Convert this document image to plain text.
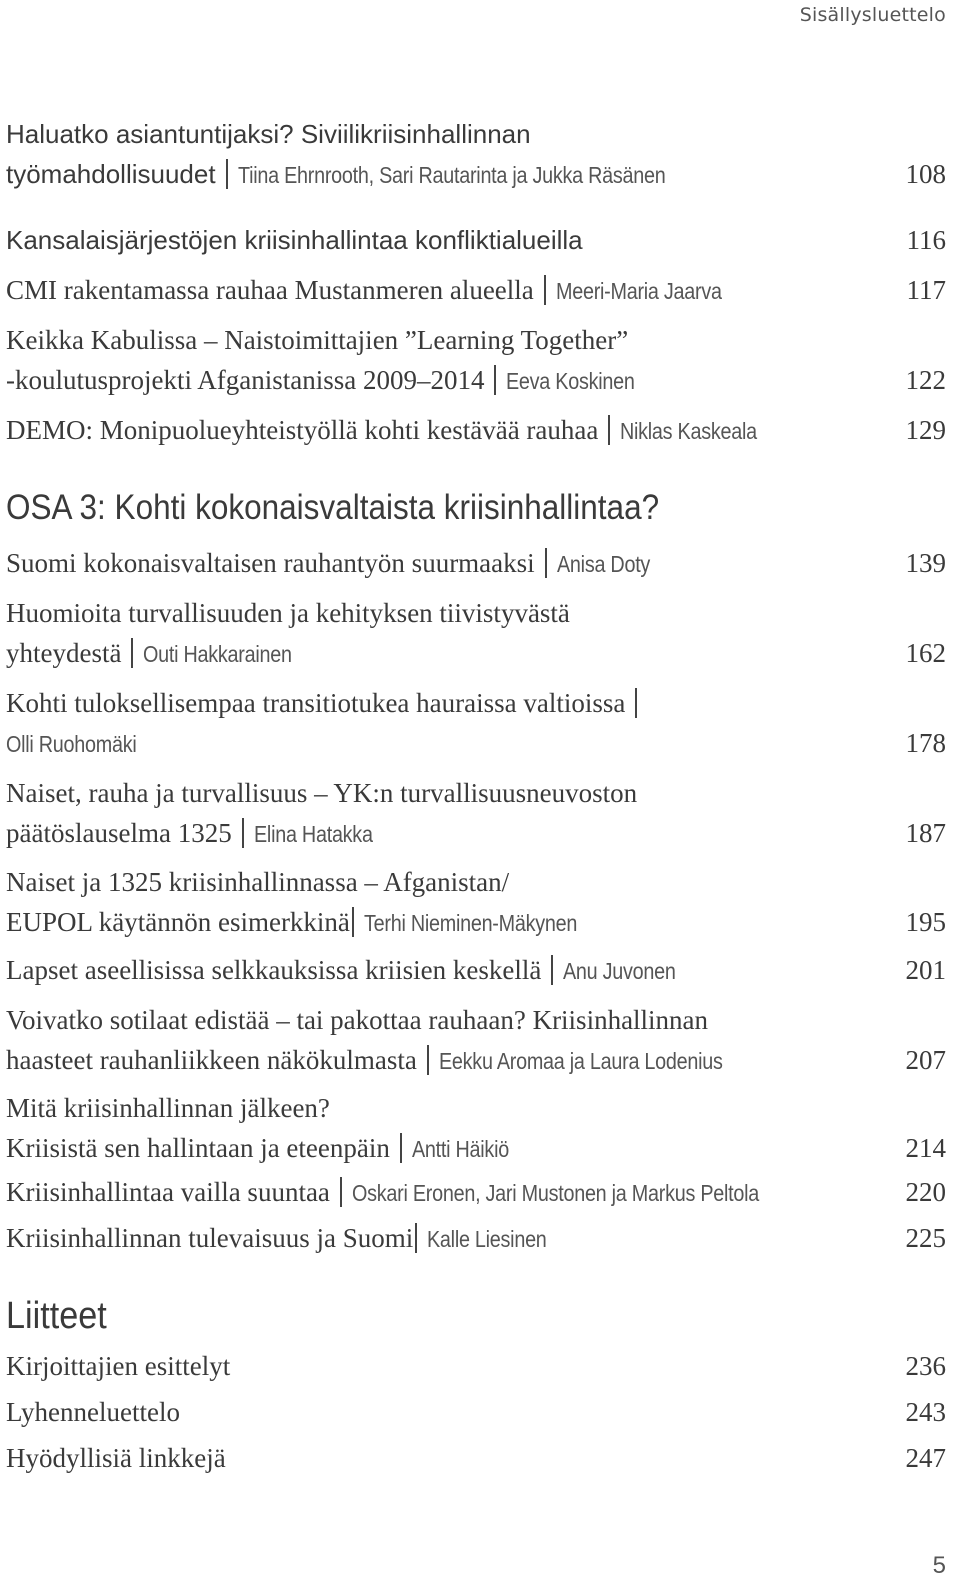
Sisällysluettelo
Haluatko asiantuntijaksi? Siviilikriisinhallinnan
työmahdollisuudet Tiina Ehrnrooth, Sari Rautarinta ja Jukka Räsänen	108
Kansalaisjärjestöjen kriisinhallintaa konfliktialueilla	116
CMI rakentamassa rauhaa Mustanmeren alueella Meeri-Maria Jaarva	117
Keikka Kabulissa – Naistoimittajien ”Learning Together”
-koulutusprojekti Afganistanissa 2009–2014 Eeva Koskinen	122
DEMO: Monipuolueyhteistyöllä kohti kestävää rauhaa Niklas Kaskeala	129
OSA 3: Kohti kokonaisvaltaista kriisinhallintaa?
Suomi kokonaisvaltaisen rauhantyön suurmaaksi Anisa Doty	139
Huomioita turvallisuuden ja kehityksen tiivistyvästä
yhteydestä Outi Hakkarainen	162
Kohti tuloksellisempaa transitiotukea hauraissa valtioissa
Olli Ruohomäki	178
Naiset, rauha ja turvallisuus – YK:n turvallisuusneuvoston
päätöslauselma 1325 Elina Hatakka	187
Naiset ja 1325 kriisinhallinnassa – Afganistan/
EUPOL käytännön esimerkkinä Terhi Nieminen-Mäkynen	195
Lapset aseellisissa selkkauksissa kriisien keskellä Anu Juvonen	201
Voivatko sotilaat edistää – tai pakottaa rauhaan? Kriisinhallinnan
haasteet rauhanliikkeen näkökulmasta Eekku Aromaa ja Laura Lodenius	207
Mitä kriisinhallinnan jälkeen?
Kriisistä sen hallintaan ja eteenpäin Antti Häikiö	214
Kriisinhallintaa vailla suuntaa Oskari Eronen, Jari Mustonen ja Markus Peltola	220
Kriisinhallinnan tulevaisuus ja Suomi Kalle Liesinen	225
Liitteet
Kirjoittajien esittelyt	236
Lyhenneluettelo	243
Hyödyllisiä linkkejä	247
5
